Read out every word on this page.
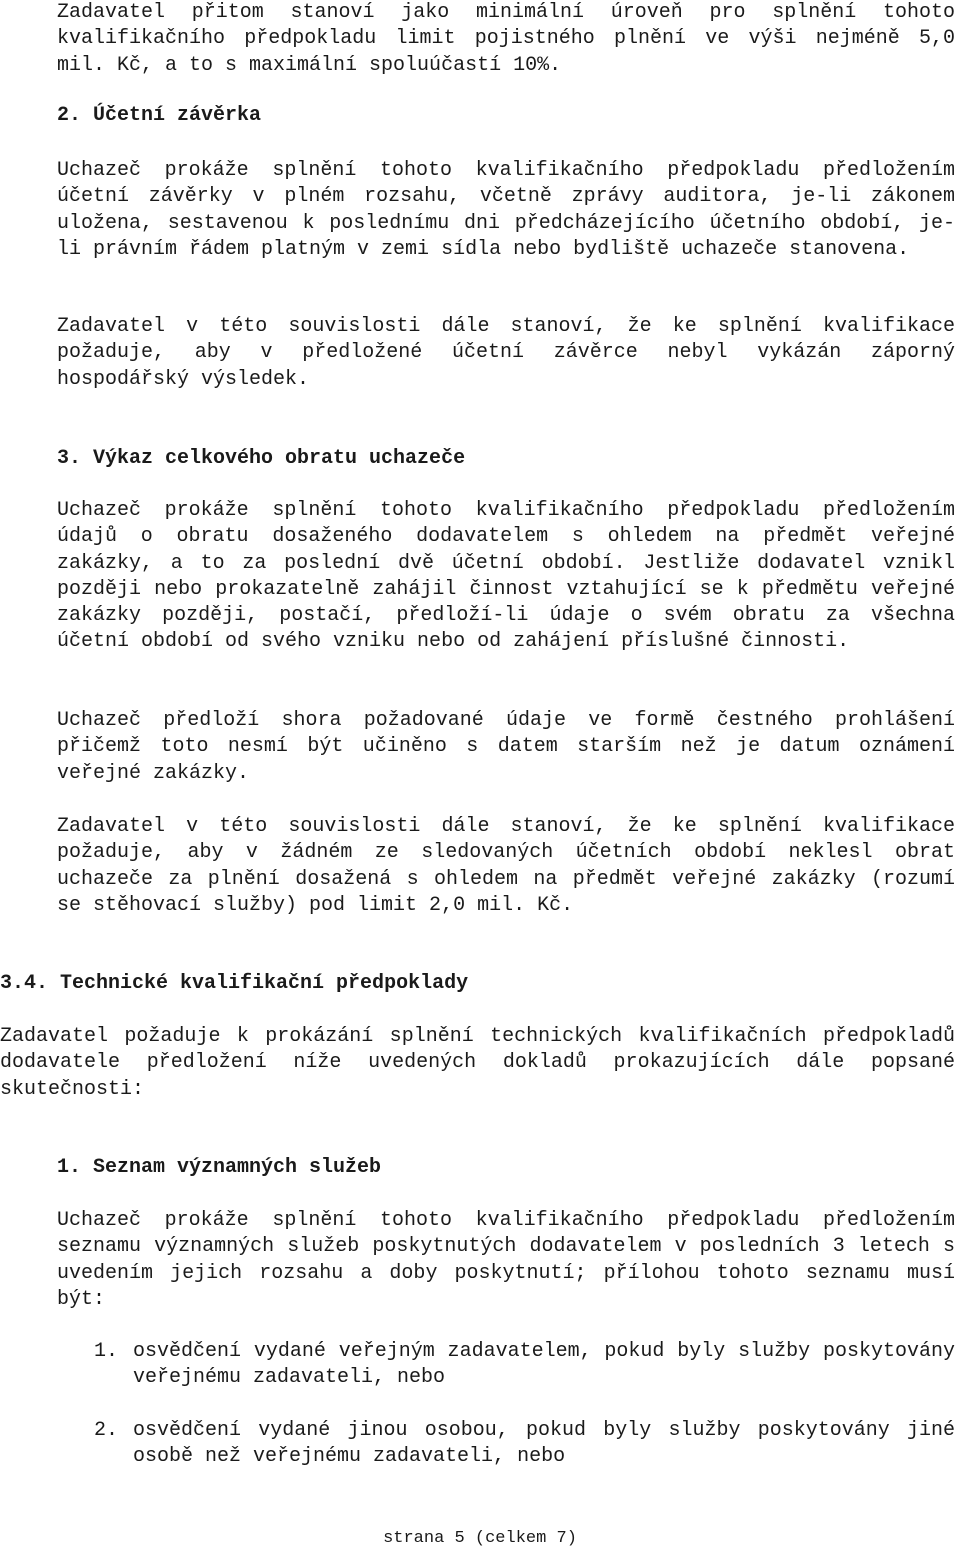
Zadavatel přitom stanoví jako minimální úroveň pro splnění tohoto kvalifikačního předpokladu limit pojistného plnění ve výši nejméně 5,0 mil. Kč, a to s maximální spoluúčastí 10%.

2. Účetní závěrka

Uchazeč prokáže splnění tohoto kvalifikačního předpokladu předložením účetní závěrky v plném rozsahu, včetně zprávy auditora, je-li zákonem uložena, sestavenou k poslednímu dni předcházejícího účetního období, je-li právním řádem platným v zemi sídla nebo bydliště uchazeče stanovena.

Zadavatel v této souvislosti dále stanoví, že ke splnění kvalifikace požaduje, aby v předložené účetní závěrce nebyl vykázán záporný hospodářský výsledek.

3. Výkaz celkového obratu uchazeče

Uchazeč prokáže splnění tohoto kvalifikačního předpokladu předložením údajů o obratu dosaženého dodavatelem s ohledem na předmět veřejné zakázky, a to za poslední dvě účetní období. Jestliže dodavatel vznikl později nebo prokazatelně zahájil činnost vztahující se k předmětu veřejné zakázky později, postačí, předloží-li údaje o svém obratu za všechna účetní období od svého vzniku nebo od zahájení příslušné činnosti.

Uchazeč předloží shora požadované údaje ve formě čestného prohlášení přičemž toto nesmí být učiněno s datem starším než je datum oznámení veřejné zakázky.

Zadavatel v této souvislosti dále stanoví, že ke splnění kvalifikace požaduje, aby v žádném ze sledovaných účetních období neklesl obrat uchazeče za plnění dosažená s ohledem na předmět veřejné zakázky (rozumí se stěhovací služby) pod limit 2,0 mil. Kč.

3.4. Technické kvalifikační předpoklady

Zadavatel požaduje k prokázání splnění technických kvalifikačních předpokladů dodavatele předložení níže uvedených dokladů prokazujících dále popsané skutečnosti:

1. Seznam významných služeb

Uchazeč prokáže splnění tohoto kvalifikačního předpokladu předložením seznamu významných služeb poskytnutých dodavatelem v posledních 3 letech s uvedením jejich rozsahu a doby poskytnutí; přílohou tohoto seznamu musí být:

1. osvědčení vydané veřejným zadavatelem, pokud byly služby poskytovány veřejnému zadavateli, nebo
2. osvědčení vydané jinou osobou, pokud byly služby poskytovány jiné osobě než veřejnému zadavateli, nebo
strana 5 (celkem 7)
